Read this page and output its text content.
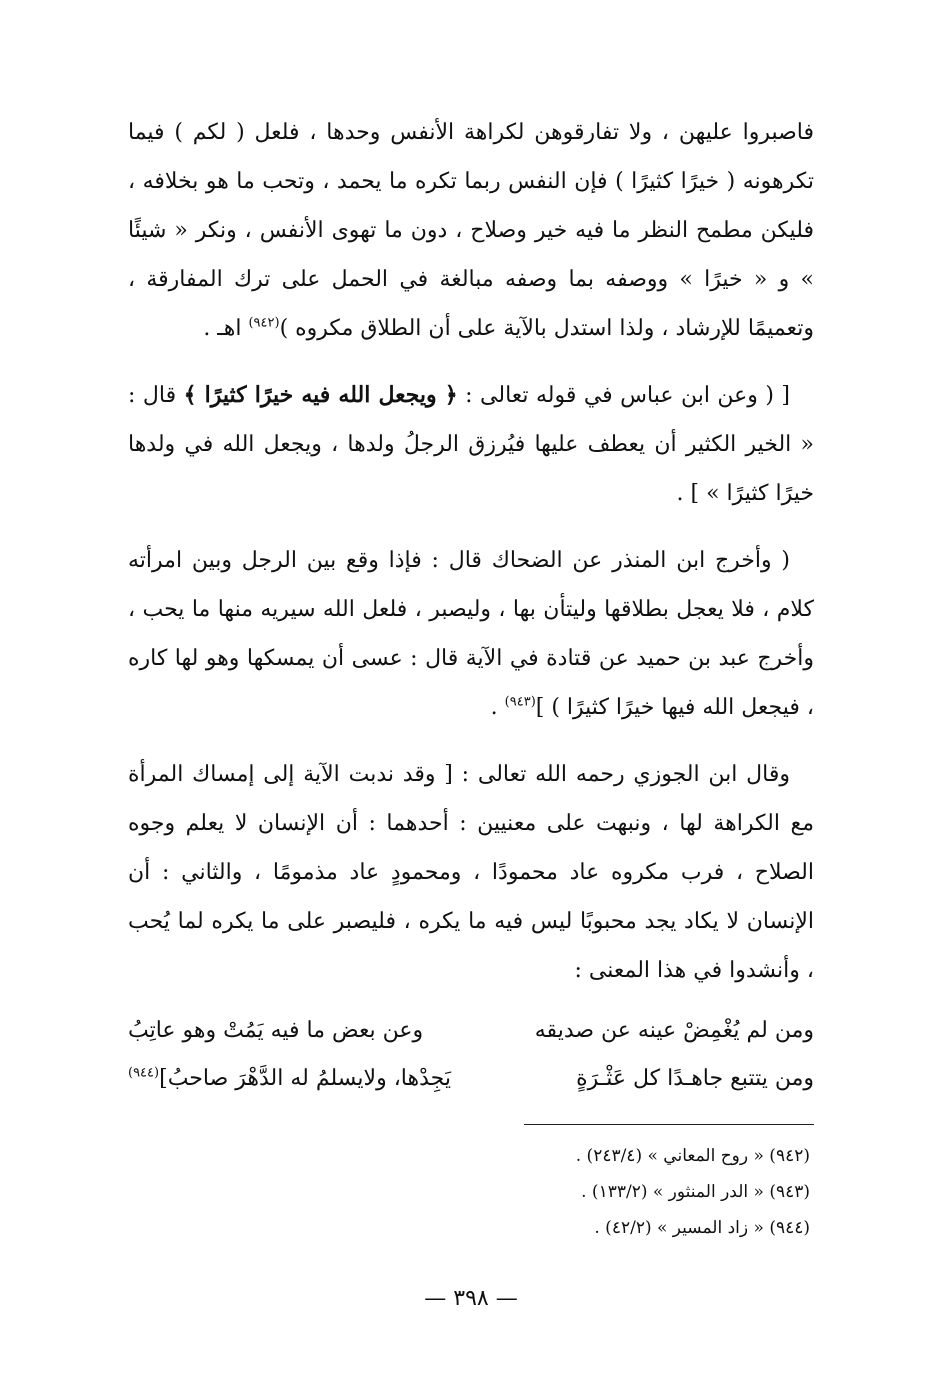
فاصبروا عليهن ، ولا تفارقوهن لكراهة الأنفس وحدها ، فلعل ( لكم ) فيما تكرهونه ( خيرًا كثيرًا ) فإن النفس ربما تكره ما يحمد ، وتحب ما هو بخلافه ، فليكن مطمح النظر ما فيه خير وصلاح ، دون ما تهوى الأنفس ، ونكر « شيئًا » و « خيرًا » ووصفه بما وصفه مبالغة في الحمل على ترك المفارقة ، وتعميمًا للإرشاد ، ولذا استدل بالآية على أن الطلاق مكروه )$^{(٩٤٢)}$ اهـ .

[ ( وعن ابن عباس في قوله تعالى : ﴿ ويجعل الله فيه خيرًا كثيرًا ﴾ قال : « الخير الكثير أن يعطف عليها فيُرزق الرجلُ ولدها ، ويجعل الله في ولدها خيرًا كثيرًا » ] .

( وأخرج ابن المنذر عن الضحاك قال : فإذا وقع بين الرجل وبين امرأته كلام ، فلا يعجل بطلاقها وليتأن بها ، وليصبر ، فلعل الله سيريه منها ما يحب ، وأخرج عبد بن حميد عن قتادة في الآية قال : عسى أن يمسكها وهو لها كاره ، فيجعل الله فيها خيرًا كثيرًا ) ]$^{(٩٤٣)}$ .

وقال ابن الجوزي رحمه الله تعالى : [ وقد ندبت الآية إلى إمساك المرأة مع الكراهة لها ، ونبهت على معنيين : أحدهما : أن الإنسان لا يعلم وجوه الصلاح ، فرب مكروه عاد محمودًا ، ومحمودٍ عاد مذمومًا ، والثاني : أن الإنسان لا يكاد يجد محبوبًا ليس فيه ما يكره ، فليصبر على ما يكره لما يُحب ، وأنشدوا في هذا المعنى :

ومن لم يُغْمِضْ عينه عن صديقه
وعن بعض ما فيه يَمُتْ وهو عاتِبُ
ومن يتتبع جاهـدًا كل عَثْـرَةٍ
يَجِدْها، ولايسلمُ له الدَّهْرَ صاحبُ]$^{(٩٤٤)}$
(٩٤٢) « روح المعاني » (٢٤٣/٤) .
(٩٤٣) « الدر المنثور » (١٣٣/٢) .
(٩٤٤) « زاد المسير » (٤٢/٢) .
— ٣٩٨ —
